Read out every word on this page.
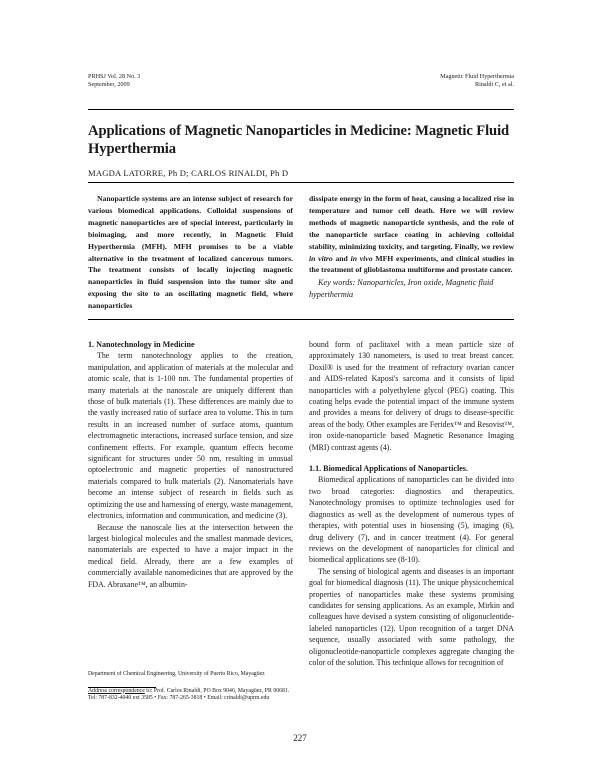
PRHSJ Vol. 28 No. 3
September, 2009
Magnetic Fluid Hyperthermia
Rinaldi C, et al.
Applications of Magnetic Nanoparticles in Medicine: Magnetic Fluid Hyperthermia
MAGDA LATORRE, Ph D; CARLOS RINALDI, Ph D

Nanoparticle systems are an intense subject of research for various biomedical applications. Colloidal suspensions of magnetic nanoparticles are of special interest, particularly in bioimaging, and more recently, in Magnetic Fluid Hyperthermia (MFH). MFH promises to be a viable alternative in the treatment of localized cancerous tumors. The treatment consists of locally injecting magnetic nanoparticles in fluid suspension into the tumor site and exposing the site to an oscillating magnetic field, where nanoparticles

dissipate energy in the form of heat, causing a localized rise in temperature and tumor cell death. Here we will review methods of magnetic nanoparticle synthesis, and the role of the nanoparticle surface coating in achieving colloidal stability, minimizing toxicity, and targeting. Finally, we review in vitro and in vivo MFH experiments, and clinical studies in the treatment of glioblastoma multiforme and prostate cancer.

Key words: Nanoparticles, Iron oxide, Magnetic fluid hyperthermia

1. Nanotechnology in Medicine

The term nanotechnology applies to the creation, manipulation, and application of materials at the molecular and atomic scale, that is 1-100 nm. The fundamental properties of many materials at the nanoscale are uniquely different than those of bulk materials (1). These differences are mainly due to the vastly increased ratio of surface area to volume. This in turn results in an increased number of surface atoms, quantum electromagnetic interactions, increased surface tension, and size confinement effects. For example, quantum effects become significant for structures under 50 nm, resulting in unusual optoelectronic and magnetic properties of nanostructured materials compared to bulk materials (2). Nanomaterials have become an intense subject of research in fields such as optimizing the use and harnessing of energy, waste management, electronics, information and communication, and medicine (3).

Because the nanoscale lies at the intersection between the largest biological molecules and the smallest manmade devices, nanomaterials are expected to have a major impact in the medical field. Already, there are a few examples of commercially available nanomedicines that are approved by the FDA. Abraxane™, an albumin-

Department of Chemical Engineering, University of Puerto Rico, Mayagüez

Address correspondence to: Prof. Carlos Rinaldi, PO Box 9046, Mayagüez, PR 00681. Tel: 787-832-4040 ext 3585 • Fax: 787-265-3818 • Email: crinaldi@uprm.edu

bound form of paclitaxel with a mean particle size of approximately 130 nanometers, is used to treat breast cancer. Doxil® is used for the treatment of refractory ovarian cancer and AIDS-related Kaposi's sarcoma and it consists of lipid nanoparticles with a polyethylene glycol (PEG) coating. This coating helps evade the potential impact of the immune system and provides a means for delivery of drugs to disease-specific areas of the body. Other examples are Feridex™ and Resovist™, iron oxide-nanoparticle based Magnetic Resonance Imaging (MRI) contrast agents (4).

1.1. Biomedical Applications of Nanoparticles.

Biomedical applications of nanoparticles can be divided into two broad categories: diagnostics and therapeutics. Nanotechnology promises to optimize technologies used for diagnostics as well as the development of numerous types of therapies, with potential uses in biosensing (5), imaging (6), drug delivery (7), and in cancer treatment (4). For general reviews on the development of nanoparticles for clinical and biomedical applications see (8-10).

The sensing of biological agents and diseases is an important goal for biomedical diagnosis (11). The unique physicochemical properties of nanoparticles make these systems promising candidates for sensing applications. As an example, Mirkin and colleagues have devised a system consisting of oligonucleotide-labeled nanoparticles (12). Upon recognition of a target DNA sequence, usually associated with some pathology, the oligonucleotide-nanoparticle complexes aggregate changing the color of the solution. This technique allows for recognition of

227
